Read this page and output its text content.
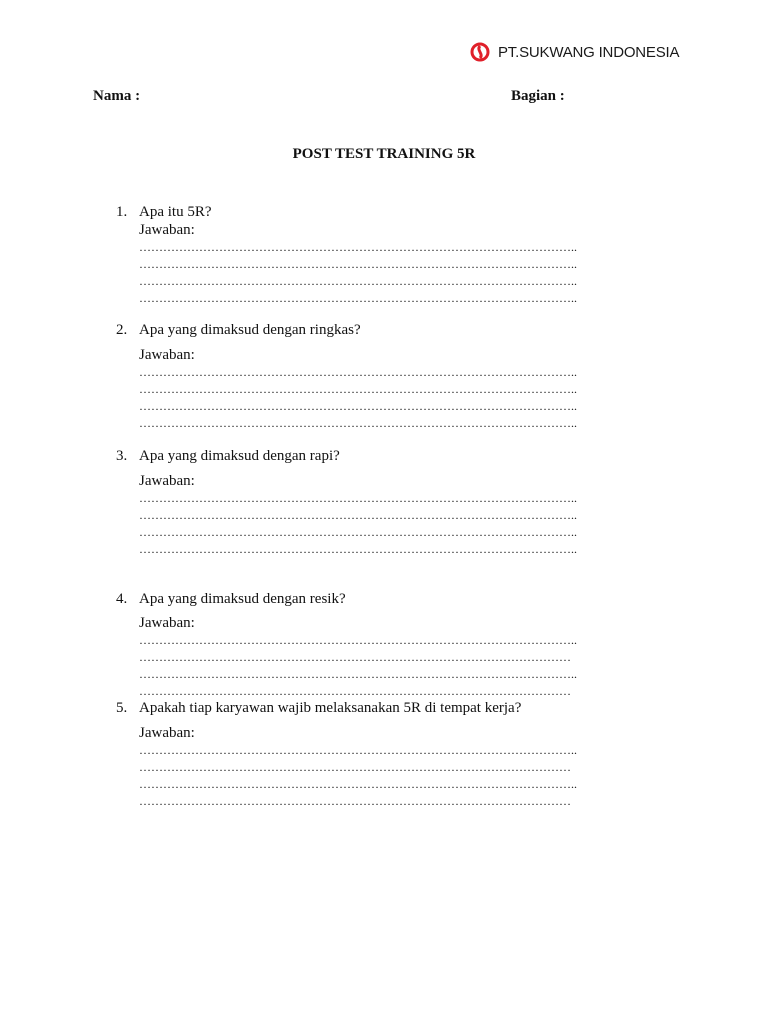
PT.SUKWANG INDONESIA
Nama :	Bagian :
POST TEST TRAINING 5R
1. Apa itu 5R?
Jawaban:
………………………………………………………………………………………………..
………………………………………………………………………………………………..
………………………………………………………………………………………………..
………………………………………………………………………………………………..
2. Apa yang dimaksud dengan ringkas?
Jawaban:
………………………………………………………………………………………………..
………………………………………………………………………………………………..
………………………………………………………………………………………………..
………………………………………………………………………………………………..
3. Apa yang dimaksud dengan rapi?
Jawaban:
………………………………………………………………………………………………..
………………………………………………………………………………………………..
………………………………………………………………………………………………..
………………………………………………………………………………………………..
4. Apa yang dimaksud dengan resik?
Jawaban:
………………………………………………………………………………………………..
………………………………………………………………………………………………
………………………………………………………………………………………………..
………………………………………………………………………………………………
5. Apakah tiap karyawan wajib melaksanakan 5R di tempat kerja?
Jawaban:
………………………………………………………………………………………………..
………………………………………………………………………………………………
………………………………………………………………………………………………..
………………………………………………………………………………………………
